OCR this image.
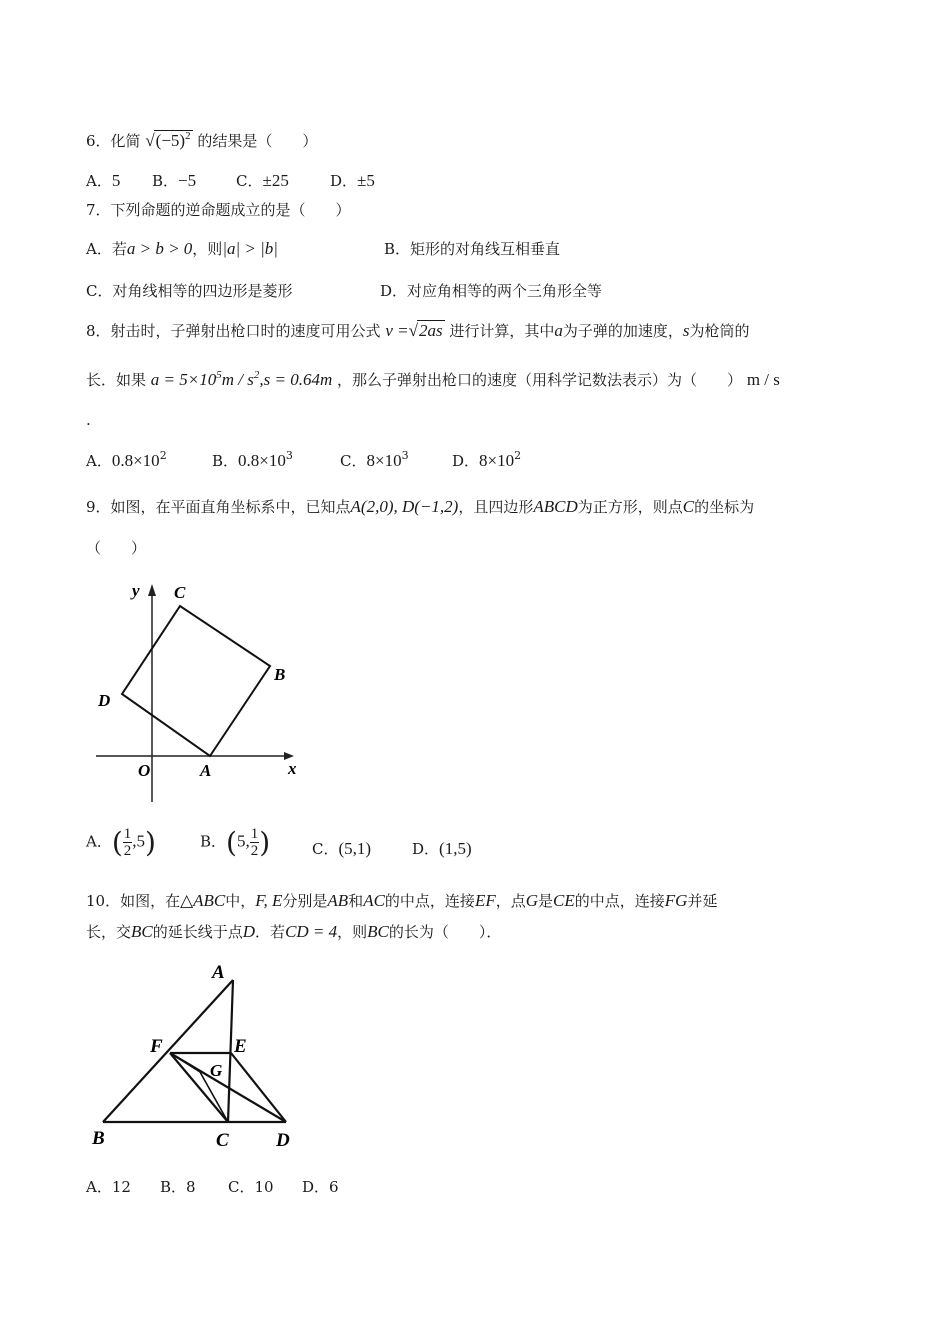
6．化简 $√(-5)^2$ 的结果是（　　）
A．5 B．−5	C．±25	D．±5
7．下列命题的逆命题成立的是（　　）
A．若a > b > 0，则|a| > |b|	B．矩形的对角线互相垂直
C．对角线相等的四边形是菱形	D．对应角相等的两个三角形全等
8．射击时，子弹射出枪口时的速度可用公式 v =√2as 进行计算，其中a为子弹的加速度，s为枪筒的
长．如果 $a = 5\times 10^5m / s^2,s = 0.64m$ ，那么子弹射出枪口的速度（用科学记数法表示）为（　　） m / s
.
A．$0.8\times 10^2$	B．$0.8\times 10^3$	C．$8\times 10^3$	D．$8\times 10^2$
9．如图，在平面直角坐标系中，已知点A(2,0), D(−1,2)，且四边形ABCD为正方形，则点C的坐标为
（　　）
y
x
O	A
B
C
D
A．( $\frac{1}{2} ,5$)	B．(5, $\frac{1}{2}$ )	C．(5,1)	D．(1,5)
10．如图，在△ABC中，F, E分别是AB和AC的中点，连接EF，点G是CE的中点，连接FG并延
长，交BC的延长线于点D．若CD = 4，则BC的长为（　　）．
A
B	C D
E
F
G
A．12 B．8 C．10 D．6
